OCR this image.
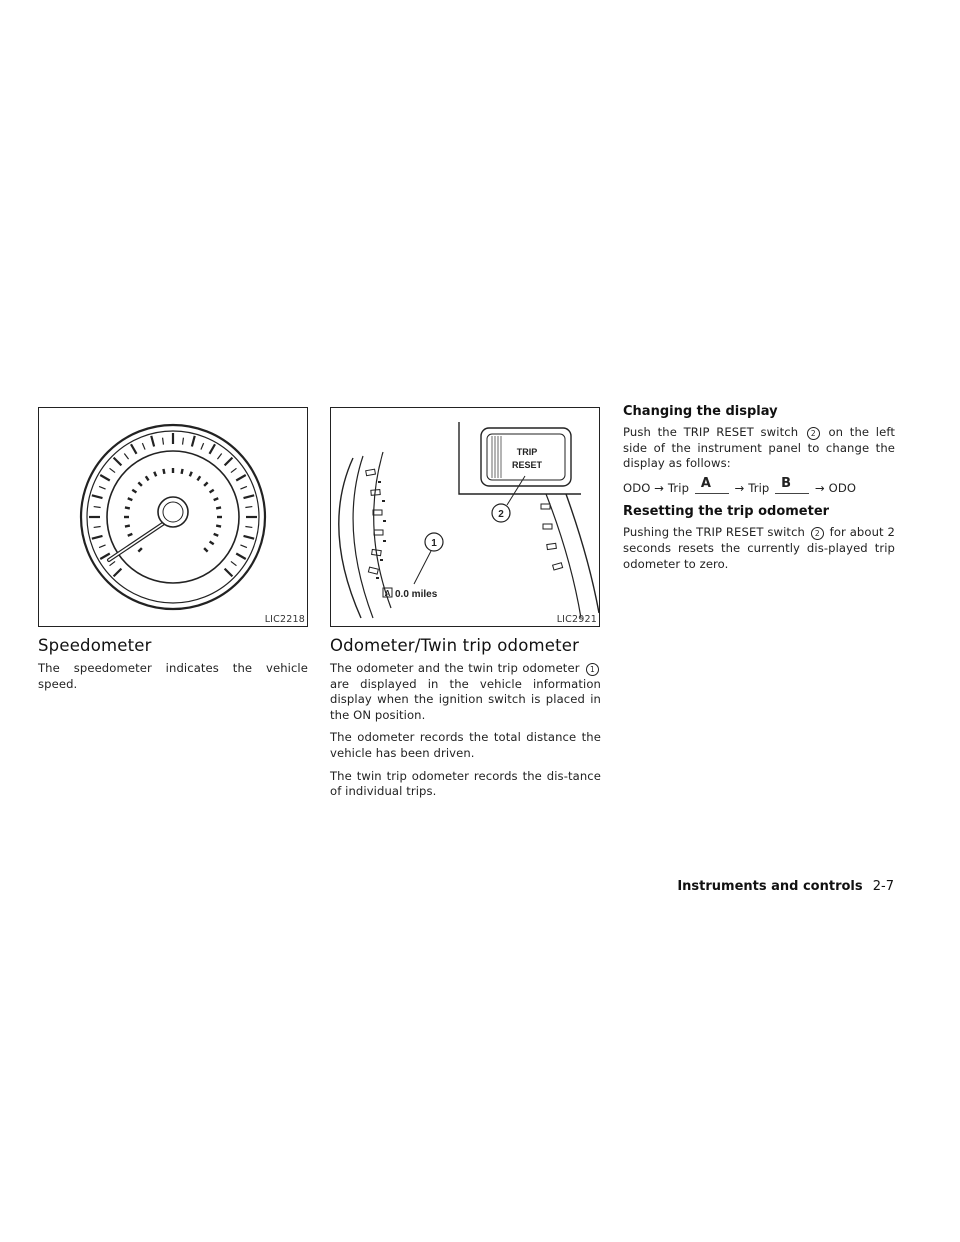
LIC2218
TRIP
RESET
2
1
A 0.0 miles
LIC2921
Speedometer

The speedometer indicates the vehicle speed.

Odometer/Twin trip odometer

The odometer and the twin trip odometer 1 are displayed in the vehicle information display when the ignition switch is placed in the ON position.

The odometer records the total distance the vehicle has been driven.

The twin trip odometer records the dis-tance of individual trips.

Changing the display

Push the TRIP RESET switch 2 on the left side of the instrument panel to change the display as follows:

ODO → Trip A → Trip B → ODO

Resetting the trip odometer

Pushing the TRIP RESET switch 2 for about 2 seconds resets the currently dis-played trip odometer to zero.

Instruments and controls 2-7
